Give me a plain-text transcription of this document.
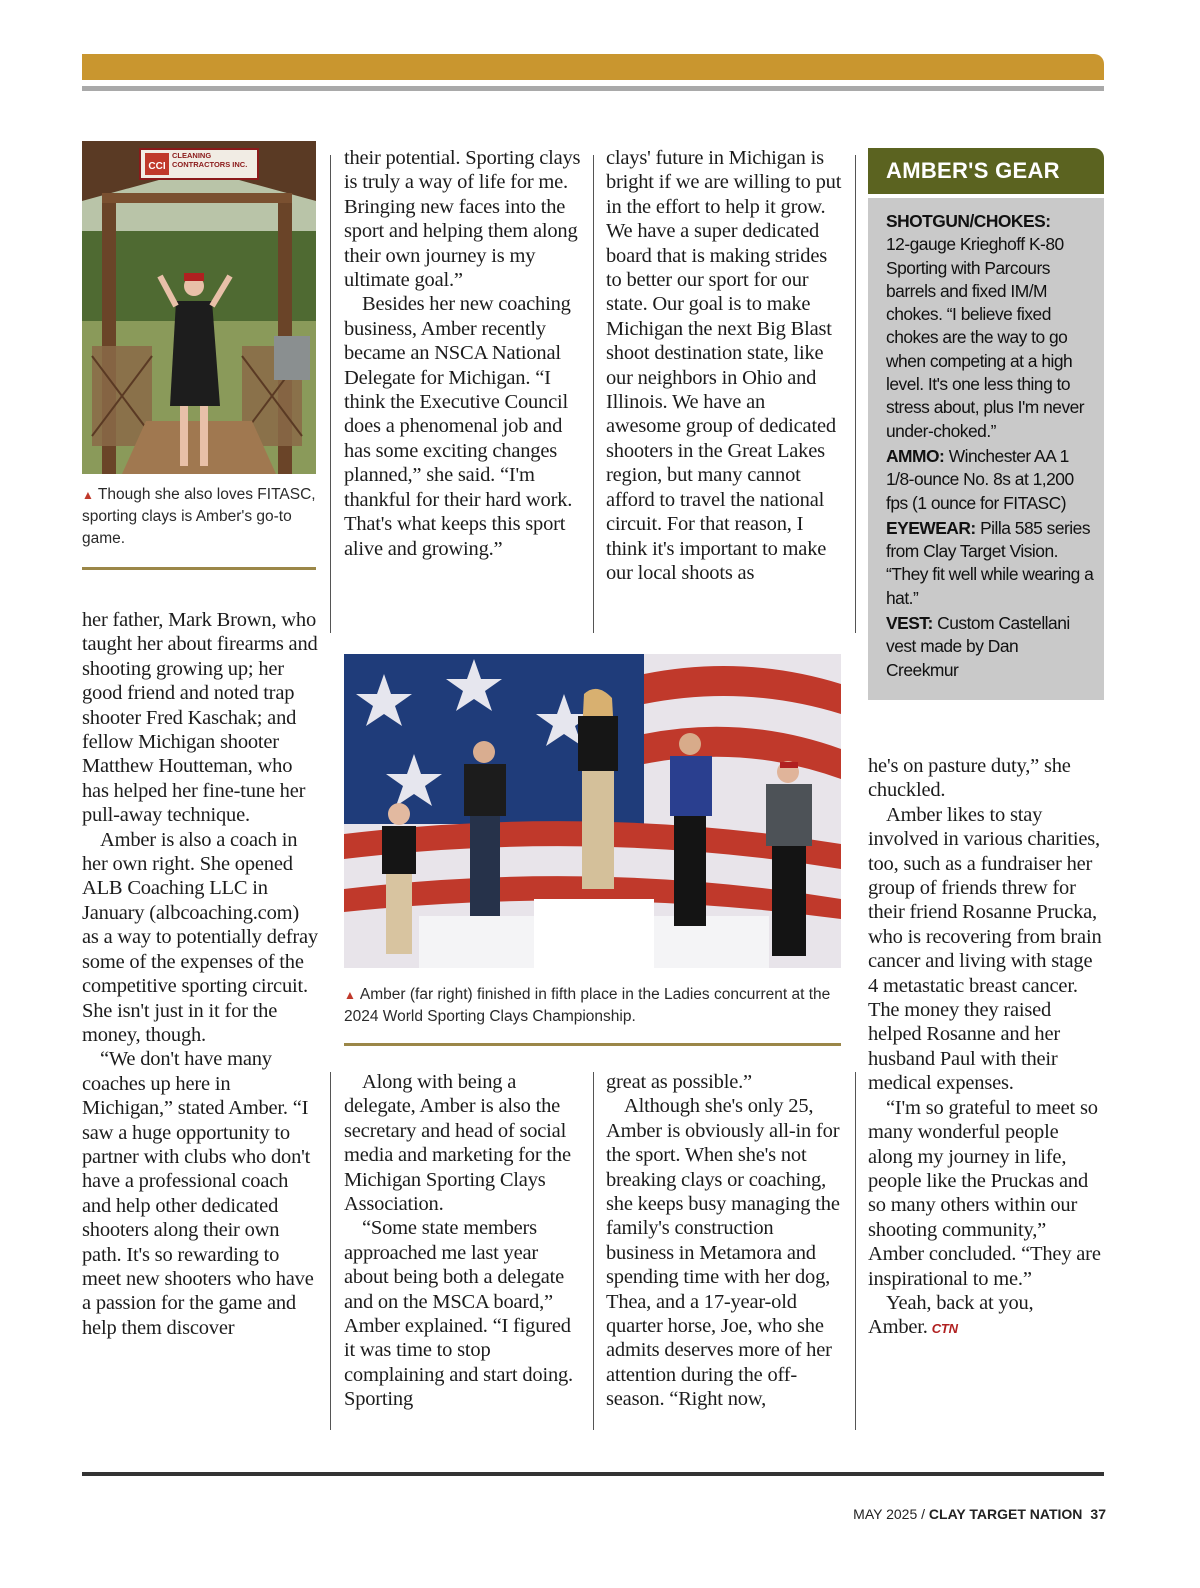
CCI
CLEANING CONTRACTORS INC.
▲ Though she also loves FITASC, sporting clays is Amber's go-to game.

her father, Mark Brown, who taught her about firearms and shooting growing up; her good friend and noted trap shooter Fred Kaschak; and fellow Michigan shooter Matthew Houtteman, who has helped her fine-tune her pull-away technique.

Amber is also a coach in her own right. She opened ALB Coaching LLC in January (albcoaching.com) as a way to potentially defray some of the expenses of the competitive sporting circuit. She isn't just in it for the money, though.

“We don't have many coaches up here in Michigan,” stated Amber. “I saw a huge opportunity to partner with clubs who don't have a professional coach and help other dedicated shooters along their own path. It's so rewarding to meet new shooters who have a passion for the game and help them discover

their potential. Sporting clays is truly a way of life for me. Bringing new faces into the sport and helping them along their own journey is my ultimate goal.”

Besides her new coaching business, Amber recently became an NSCA National Delegate for Michigan. “I think the Executive Council does a phenomenal job and has some exciting changes planned,” she said. “I'm thankful for their hard work. That's what keeps this sport alive and growing.”

clays' future in Michigan is bright if we are willing to put in the effort to help it grow. We have a super dedicated board that is making strides to better our sport for our state. Our goal is to make Michigan the next Big Blast shoot destination state, like our neighbors in Ohio and Illinois. We have an awesome group of dedicated shooters in the Great Lakes region, but many cannot afford to travel the national circuit. For that reason, I think it's important to make our local shoots as

▲ Amber (far right) finished in fifth place in the Ladies concurrent at the 2024 World Sporting Clays Championship.

Along with being a delegate, Amber is also the secretary and head of social media and marketing for the Michigan Sporting Clays Association.

“Some state members approached me last year about being both a delegate and on the MSCA board,” Amber explained. “I figured it was time to stop complaining and start doing. Sporting

great as possible.”

Although she's only 25, Amber is obviously all-in for the sport. When she's not breaking clays or coaching, she keeps busy managing the family's construction business in Metamora and spending time with her dog, Thea, and a 17-year-old quarter horse, Joe, who she admits deserves more of her attention during the off-season. “Right now,

AMBER'S GEAR
SHOTGUN/CHOKES:
12-gauge Krieghoff K-80 Sporting with Parcours barrels and fixed IM/M chokes. “I believe fixed chokes are the way to go when competing at a high level. It's one less thing to stress about, plus I'm never under-choked.”
AMMO: Winchester AA 1 1/8-ounce No. 8s at 1,200 fps (1 ounce for FITASC)
EYEWEAR: Pilla 585 series from Clay Target Vision. “They fit well while wearing a hat.”
VEST: Custom Castellani vest made by Dan Creekmur

he's on pasture duty,” she chuckled.

Amber likes to stay involved in various charities, too, such as a fundraiser her group of friends threw for their friend Rosanne Prucka, who is recovering from brain cancer and living with stage 4 metastatic breast cancer. The money they raised helped Rosanne and her husband Paul with their medical expenses.

“I'm so grateful to meet so many wonderful people along my journey in life, people like the Pruckas and so many others within our shooting community,” Amber concluded. “They are inspirational to me.”

Yeah, back at you, Amber. CTN

MAY 2025 / CLAY TARGET NATION 37
